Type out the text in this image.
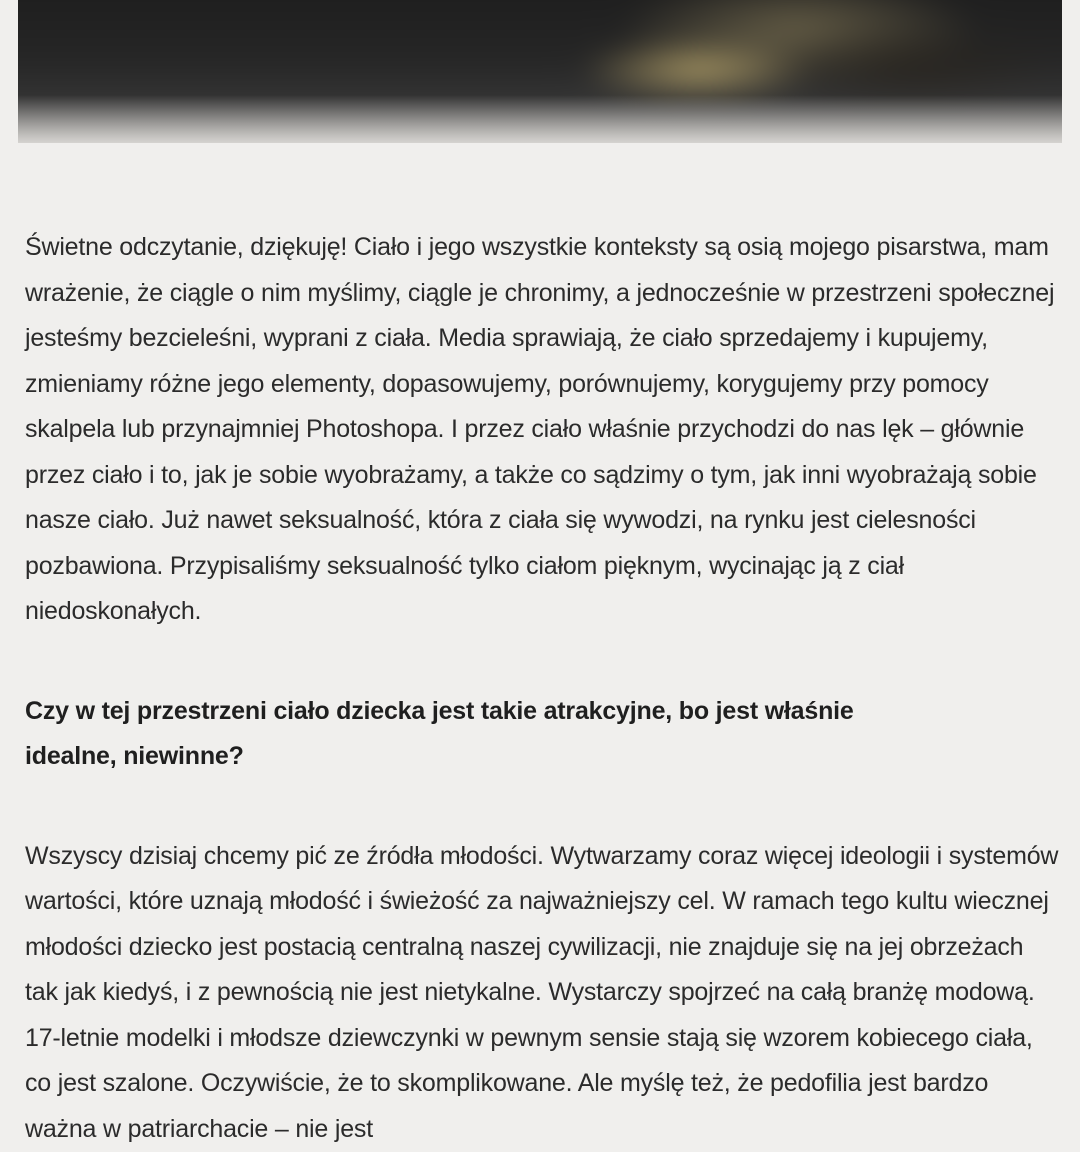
Świetne odczytanie, dziękuję! Ciało i jego wszystkie konteksty są osią mojego pisarstwa, mam wrażenie, że ciągle o nim myślimy, ciągle je chronimy, a jednocześnie w przestrzeni społecznej jesteśmy bezcieleśni, wyprani z ciała. Media sprawiają, że ciało sprzedajemy i kupujemy, zmieniamy różne jego elementy, dopasowujemy, porównujemy, korygujemy przy pomocy skalpela lub przynajmniej Photoshopa. I przez ciało właśnie przychodzi do nas lęk – głównie przez ciało i to, jak je sobie wyobrażamy, a także co sądzimy o tym, jak inni wyobrażają sobie nasze ciało. Już nawet seksualność, która z ciała się wywodzi, na rynku jest cielesności pozbawiona. Przypisaliśmy seksualność tylko ciałom pięknym, wycinając ją z ciał niedoskonałych.

Czy w tej przestrzeni ciało dziecka jest takie atrakcyjne, bo jest właśnie idealne, niewinne?

Wszyscy dzisiaj chcemy pić ze źródła młodości. Wytwarzamy coraz więcej ideologii i systemów wartości, które uznają młodość i świeżość za najważniejszy cel. W ramach tego kultu wiecznej młodości dziecko jest postacią centralną naszej cywilizacji, nie znajduje się na jej obrzeżach tak jak kiedyś, i z pewnością nie jest nietykalne. Wystarczy spojrzeć na całą branżę modową. 17-letnie modelki i młodsze dziewczynki w pewnym sensie stają się wzorem kobiecego ciała, co jest szalone. Oczywiście, że to skomplikowane. Ale myślę też, że pedofilia jest bardzo ważna w patriarchacie – nie jest
